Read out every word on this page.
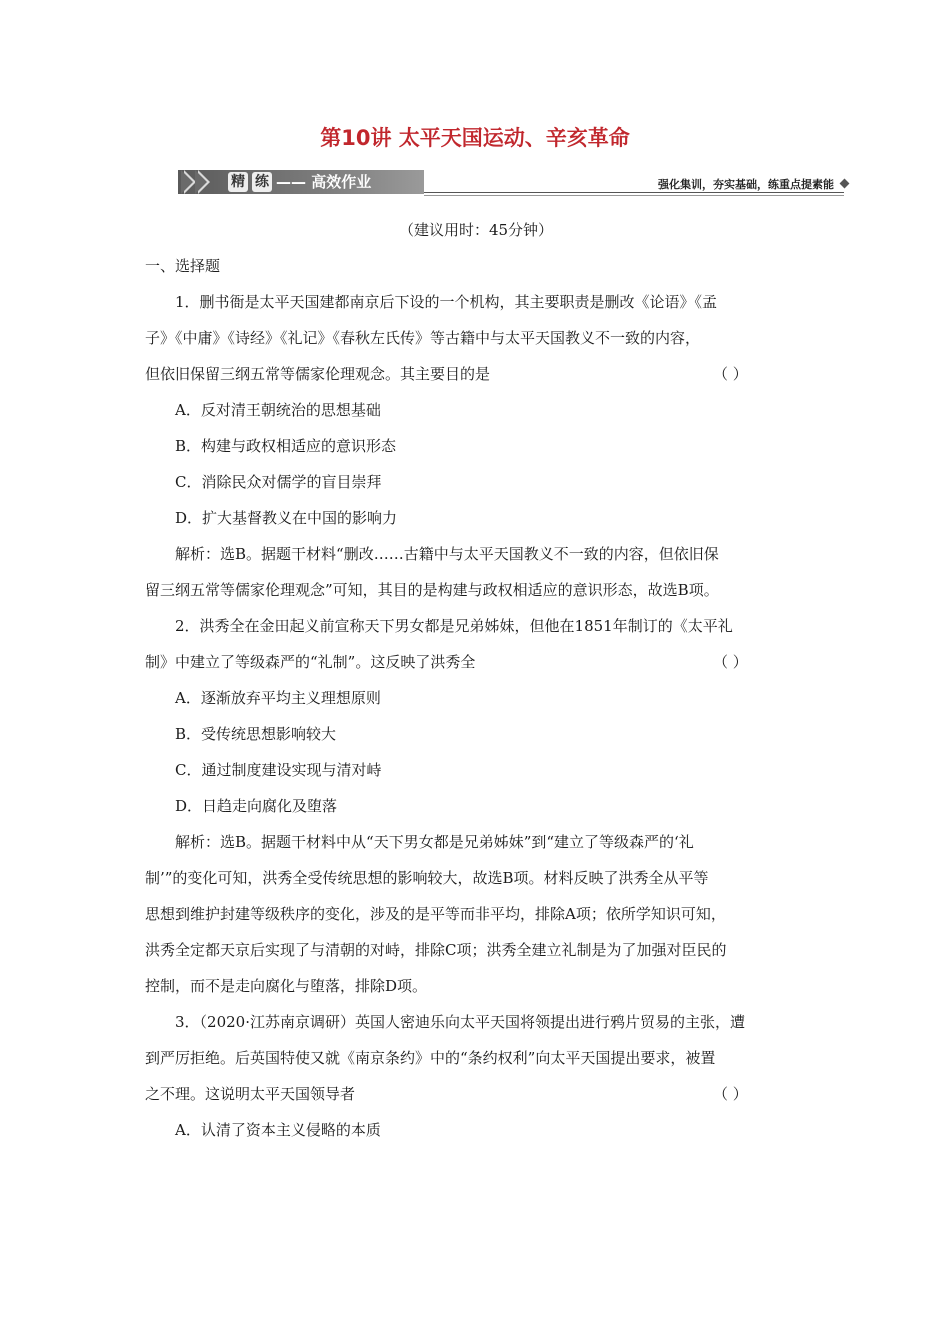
第10讲 太平天国运动、辛亥革命
精 练 —— 高效作业	强化集训，夯实基础，练重点提素能
（建议用时：45分钟）
一、选择题
1．删书衙是太平天国建都南京后下设的一个机构，其主要职责是删改《论语》《孟
子》《中庸》《诗经》《礼记》《春秋左氏传》等古籍中与太平天国教义不一致的内容，
但依旧保留三纲五常等儒家伦理观念。其主要目的是	（ ）
A．反对清王朝统治的思想基础
B．构建与政权相适应的意识形态
C．消除民众对儒学的盲目崇拜
D．扩大基督教义在中国的影响力
解析：选B。据题干材料“删改……古籍中与太平天国教义不一致的内容，但依旧保
留三纲五常等儒家伦理观念”可知，其目的是构建与政权相适应的意识形态，故选B项。
2．洪秀全在金田起义前宣称天下男女都是兄弟姊妹，但他在1851年制订的《太平礼
制》中建立了等级森严的“礼制”。这反映了洪秀全	（ ）
A．逐渐放弃平均主义理想原则
B．受传统思想影响较大
C．通过制度建设实现与清对峙
D．日趋走向腐化及堕落
解析：选B。据题干材料中从“天下男女都是兄弟姊妹”到“建立了等级森严的‘礼
制’”的变化可知，洪秀全受传统思想的影响较大，故选B项。材料反映了洪秀全从平等
思想到维护封建等级秩序的变化，涉及的是平等而非平均，排除A项；依所学知识可知，
洪秀全定都天京后实现了与清朝的对峙，排除C项；洪秀全建立礼制是为了加强对臣民的
控制，而不是走向腐化与堕落，排除D项。
3．（2020·江苏南京调研）英国人密迪乐向太平天国将领提出进行鸦片贸易的主张，遭
到严厉拒绝。后英国特使又就《南京条约》中的“条约权利”向太平天国提出要求，被置
之不理。这说明太平天国领导者	（ ）
A．认清了资本主义侵略的本质
